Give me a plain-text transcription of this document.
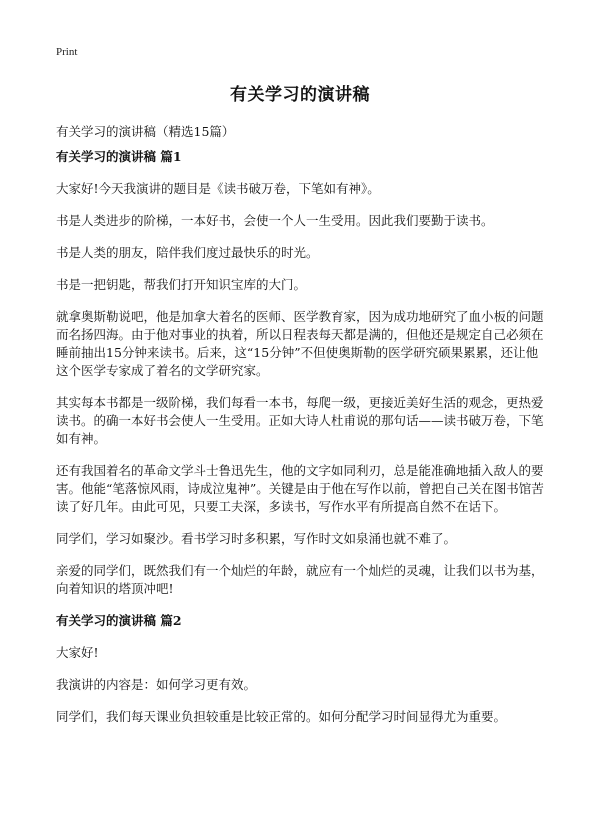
Print
有关学习的演讲稿
有关学习的演讲稿（精选15篇）
有关学习的演讲稿 篇1

大家好!今天我演讲的题目是《读书破万卷，下笔如有神》。

书是人类进步的阶梯，一本好书，会使一个人一生受用。因此我们要勤于读书。

书是人类的朋友，陪伴我们度过最快乐的时光。

书是一把钥匙，帮我们打开知识宝库的大门。

就拿奥斯勒说吧，他是加拿大着名的医师、医学教育家，因为成功地研究了血小板的问题而名扬四海。由于他对事业的执着，所以日程表每天都是满的，但他还是规定自己必须在睡前抽出15分钟来读书。后来，这“15分钟”不但使奥斯勒的医学研究硕果累累，还让他这个医学专家成了着名的文学研究家。

其实每本书都是一级阶梯，我们每看一本书，每爬一级，更接近美好生活的观念，更热爱读书。的确一本好书会使人一生受用。正如大诗人杜甫说的那句话——读书破万卷，下笔如有神。

还有我国着名的革命文学斗士鲁迅先生，他的文字如同利刃，总是能准确地插入敌人的要害。他能“笔落惊风雨，诗成泣鬼神”。关键是由于他在写作以前，曾把自己关在图书馆苦读了好几年。由此可见，只要工夫深，多读书，写作水平有所提高自然不在话下。

同学们，学习如聚沙。看书学习时多积累，写作时文如泉涌也就不难了。

亲爱的同学们，既然我们有一个灿烂的年龄，就应有一个灿烂的灵魂，让我们以书为基，向着知识的塔顶冲吧!

有关学习的演讲稿 篇2

大家好!

我演讲的内容是：如何学习更有效。

同学们，我们每天课业负担较重是比较正常的。如何分配学习时间显得尤为重要。
